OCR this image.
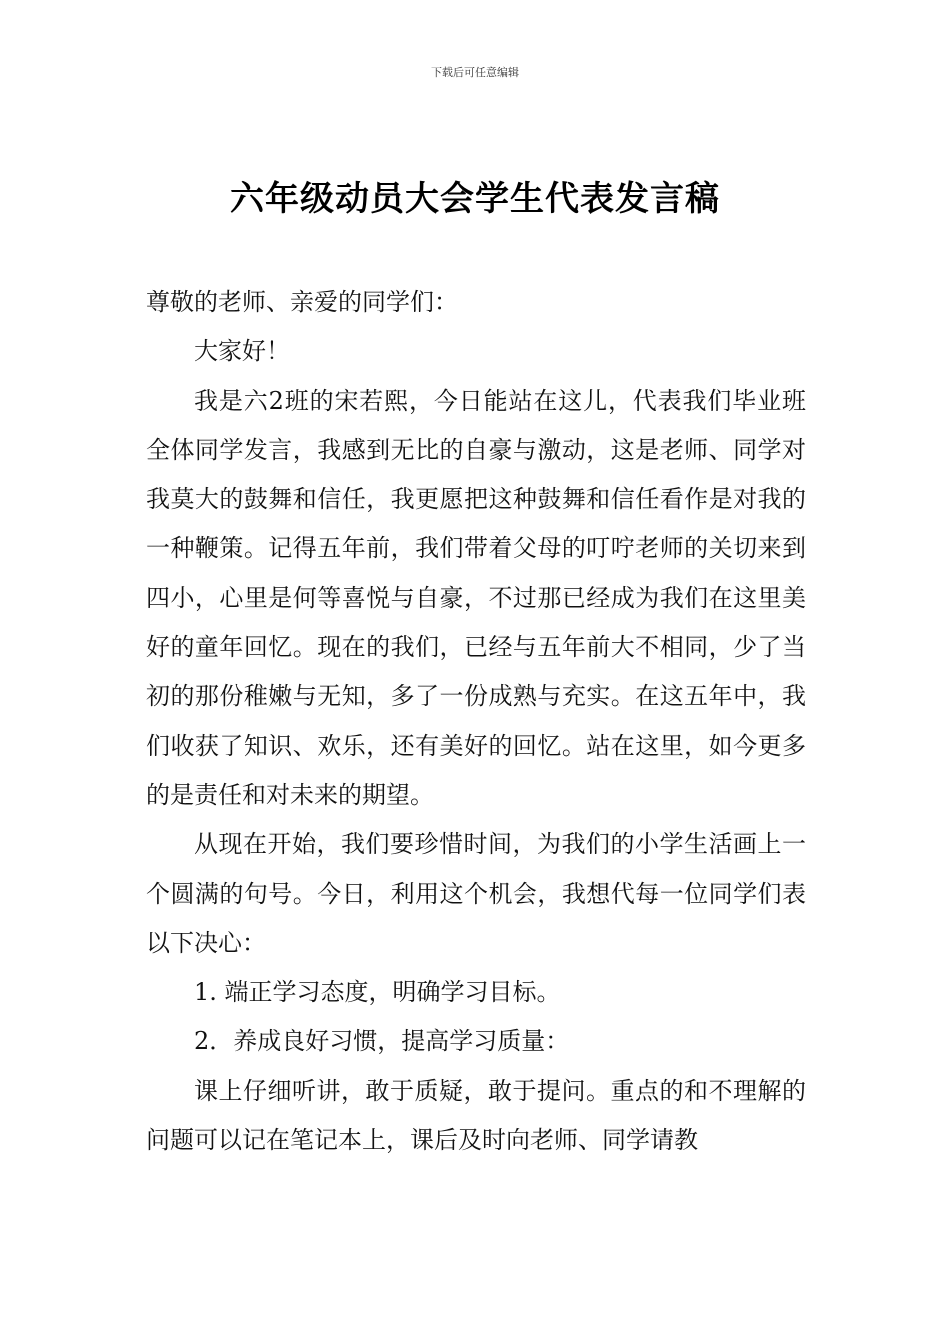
下载后可任意编辑
六年级动员大会学生代表发言稿

尊敬的老师、亲爱的同学们：

大家好！

我是六2班的宋若熙，今日能站在这儿，代表我们毕业班全体同学发言，我感到无比的自豪与激动，这是老师、同学对我莫大的鼓舞和信任，我更愿把这种鼓舞和信任看作是对我的一种鞭策。记得五年前，我们带着父母的叮咛老师的关切来到四小，心里是何等喜悦与自豪，不过那已经成为我们在这里美好的童年回忆。现在的我们，已经与五年前大不相同，少了当初的那份稚嫩与无知，多了一份成熟与充实。在这五年中，我们收获了知识、欢乐，还有美好的回忆。站在这里，如今更多的是责任和对未来的期望。

从现在开始，我们要珍惜时间，为我们的小学生活画上一个圆满的句号。今日，利用这个机会，我想代每一位同学们表以下决心：

1. 端正学习态度，明确学习目标。

2．养成良好习惯，提高学习质量：

课上仔细听讲，敢于质疑，敢于提问。重点的和不理解的问题可以记在笔记本上，课后及时向老师、同学请教
